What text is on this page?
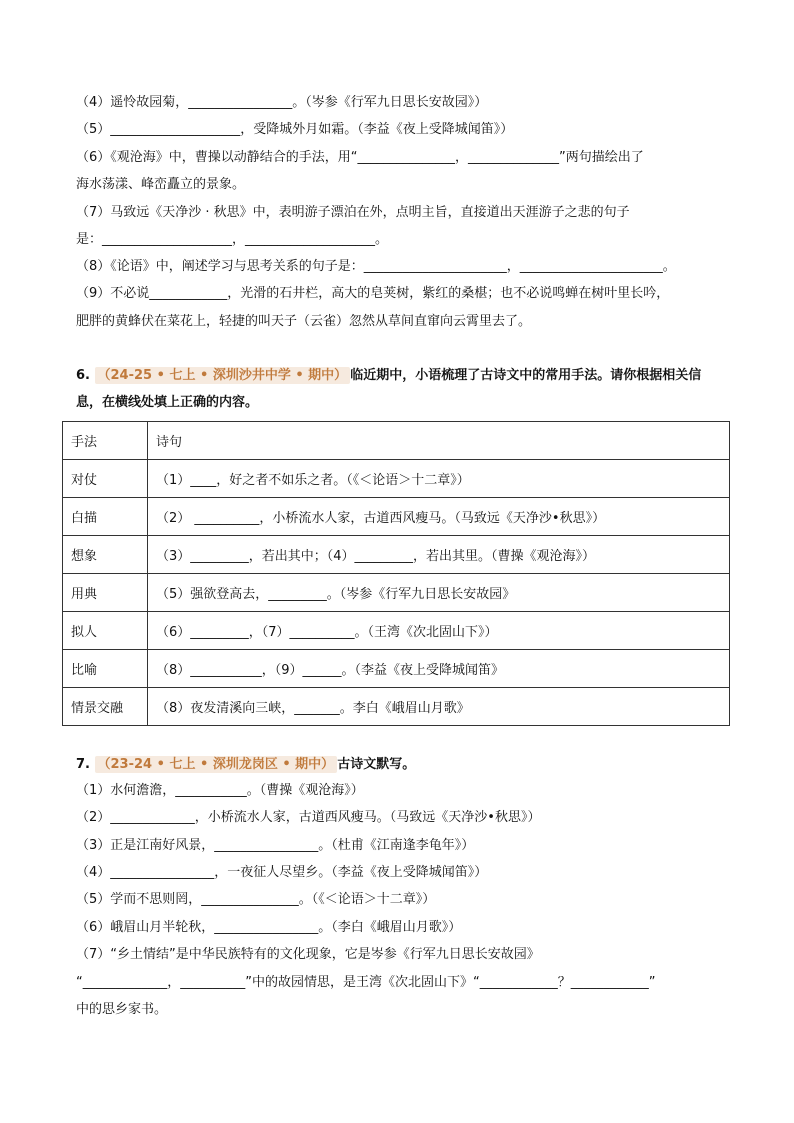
（4）遥怜故园菊，________________。（岑参《行军九日思长安故园》）
（5）____________________，受降城外月如霜。（李益《夜上受降城闻笛》）
（6）《观沧海》中，曹操以动静结合的手法，用“_______________，______________”两句描绘出了
海水荡漾、峰峦矗立的景象。
（7）马致远《天净沙 · 秋思》中，表明游子漂泊在外，点明主旨，直接道出天涯游子之悲的句子
是：____________________，____________________。
（8）《论语》中，阐述学习与思考关系的句子是：______________________，______________________。
（9）不必说____________，光滑的石井栏，高大的皂荚树，紫红的桑椹；也不必说鸣蝉在树叶里长吟，
肥胖的黄蜂伏在菜花上，轻捷的叫天子（云雀）忽然从草间直窜向云霄里去了。
6. （24-25 • 七上 • 深圳沙井中学 • 期中） 临近期中，小语梳理了古诗文中的常用手法。请你根据相关信
息，在横线处填上正确的内容。
手法	诗句
对仗	（1）____，好之者不如乐之者。（《＜论语＞十二章》）
白描	（2） __________，小桥流水人家，古道西风瘦马。（马致远《天净沙•秋思》）
想象	（3）_________，若出其中；（4）_________，若出其里。（曹操《观沧海》）
用典	（5）强欲登高去，_________。（岑参《行军九日思长安故园》
拟人	（6）_________，（7）__________。（王湾《次北固山下》）
比喻	（8）___________，（9）______。（李益《夜上受降城闻笛》
情景交融	（8）夜发清溪向三峡，_______。李白《峨眉山月歌》
7. （23-24 • 七上 • 深圳龙岗区 • 期中） 古诗文默写。
（1）水何澹澹，___________。（曹操《观沧海》）
（2）_____________，小桥流水人家，古道西风瘦马。（马致远《天净沙•秋思》）
（3）正是江南好风景，________________。（杜甫《江南逢李龟年》）
（4）________________，一夜征人尽望乡。（李益《夜上受降城闻笛》）
（5）学而不思则罔，_______________。（《＜论语＞十二章》）
（6）峨眉山月半轮秋，________________。（李白《峨眉山月歌》）
（7）“乡土情结”是中华民族特有的文化现象，它是岑参《行军九日思长安故园》
“_____________，__________”中的故园情思，是王湾《次北固山下》“____________？____________”
中的思乡家书。
